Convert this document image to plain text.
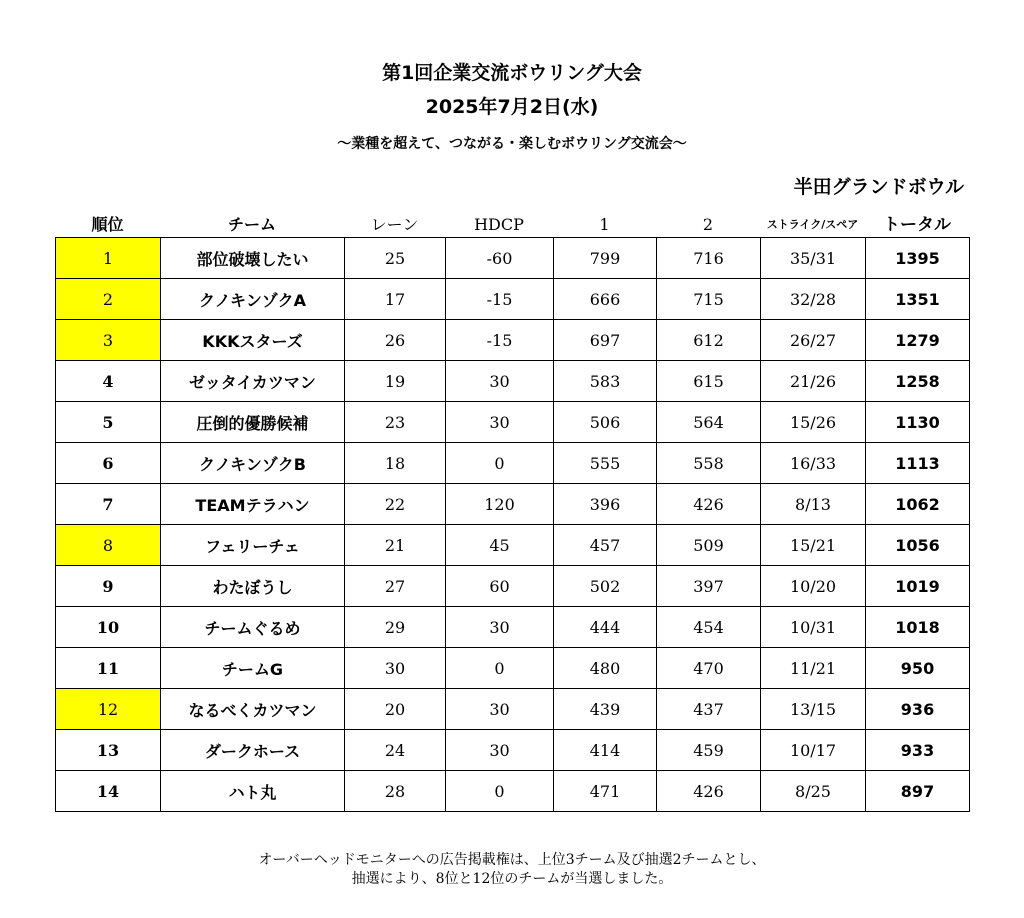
第1回企業交流ボウリング大会
2025年7月2日(水)
～業種を超えて、つながる・楽しむボウリング交流会～
半田グランドボウル
順位	チーム	レーン	HDCP	1	2	ストライク/スペア	トータル
1	部位破壊したい	25	-60	799	716	35/31	1395
2	クノキンゾクA	17	-15	666	715	32/28	1351
3	KKKスターズ	26	-15	697	612	26/27	1279
4	ゼッタイカツマン	19	30	583	615	21/26	1258
5	圧倒的優勝候補	23	30	506	564	15/26	1130
6	クノキンゾクB	18	0	555	558	16/33	1113
7	TEAMテラハン	22	120	396	426	8/13	1062
8	フェリーチェ	21	45	457	509	15/21	1056
9	わたぼうし	27	60	502	397	10/20	1019
10	チームぐるめ	29	30	444	454	10/31	1018
11	チームG	30	0	480	470	11/21	950
12	なるべくカツマン	20	30	439	437	13/15	936
13	ダークホース	24	30	414	459	10/17	933
14	ハト丸	28	0	471	426	8/25	897
オーバーヘッドモニターへの広告掲載権は、上位3チーム及び抽選2チームとし、
抽選により、8位と12位のチームが当選しました。
